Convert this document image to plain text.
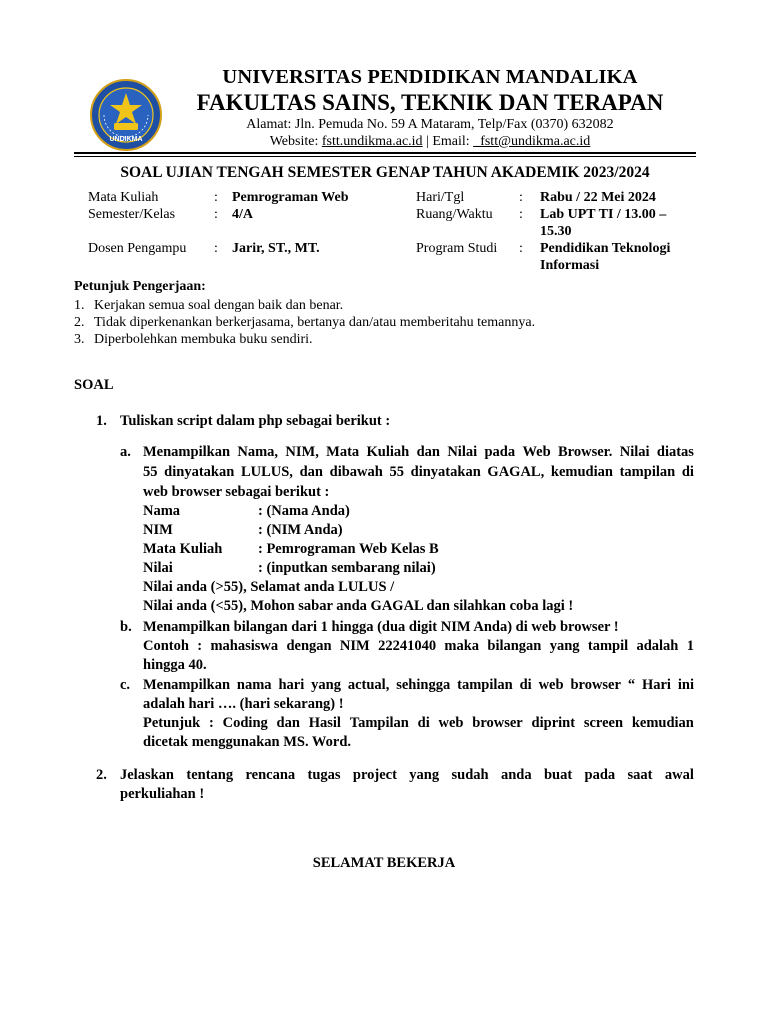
UNDIKMA
UNIVERSITAS PENDIDIKAN MANDALIKA
FAKULTAS SAINS, TEKNIK DAN TERAPAN
Alamat: Jln. Pemuda No. 59 A Mataram, Telp/Fax (0370) 632082
Website: fstt.undikma.ac.id | Email: _fstt@undikma.ac.id
SOAL UJIAN TENGAH SEMESTER GENAP TAHUN AKADEMIK 2023/2024
Mata Kuliah	: Pemrograman Web
Semester/Kelas	: 4/A
Dosen Pengampu : Jarir, ST., MT.
Hari/Tgl	: Rabu / 22 Mei 2024
Ruang/Waktu : Lab UPT TI / 13.00 –
15.30
Program Studi : Pendidikan Teknologi
Informasi
Petunjuk Pengerjaan:
1. Kerjakan semua soal dengan baik dan benar.
2. Tidak diperkenankan berkerjasama, bertanya dan/atau memberitahu temannya.
3. Diperbolehkan membuka buku sendiri.
SOAL
1. Tuliskan script dalam php sebagai berikut :
a. Menampilkan Nama, NIM, Mata Kuliah dan Nilai pada Web Browser. Nilai diatas
55 dinyatakan LULUS, dan dibawah 55 dinyatakan GAGAL, kemudian tampilan di
web browser sebagai berikut :
Nama	: (Nama Anda)
NIM	: (NIM Anda)
Mata Kuliah : Pemrograman Web Kelas B
Nilai	: (inputkan sembarang nilai)
Nilai anda (>55), Selamat anda LULUS /
Nilai anda (<55), Mohon sabar anda GAGAL dan silahkan coba lagi !
b. Menampilkan bilangan dari 1 hingga (dua digit NIM Anda) di web browser !
Contoh : mahasiswa dengan NIM 22241040 maka bilangan yang tampil adalah 1
hingga 40.
c. Menampilkan nama hari yang actual, sehingga tampilan di web browser “ Hari ini
adalah hari …. (hari sekarang) !
Petunjuk : Coding dan Hasil Tampilan di web browser diprint screen kemudian
dicetak menggunakan MS. Word.
2. Jelaskan tentang rencana tugas project yang sudah anda buat pada saat awal
perkuliahan !
SELAMAT BEKERJA
